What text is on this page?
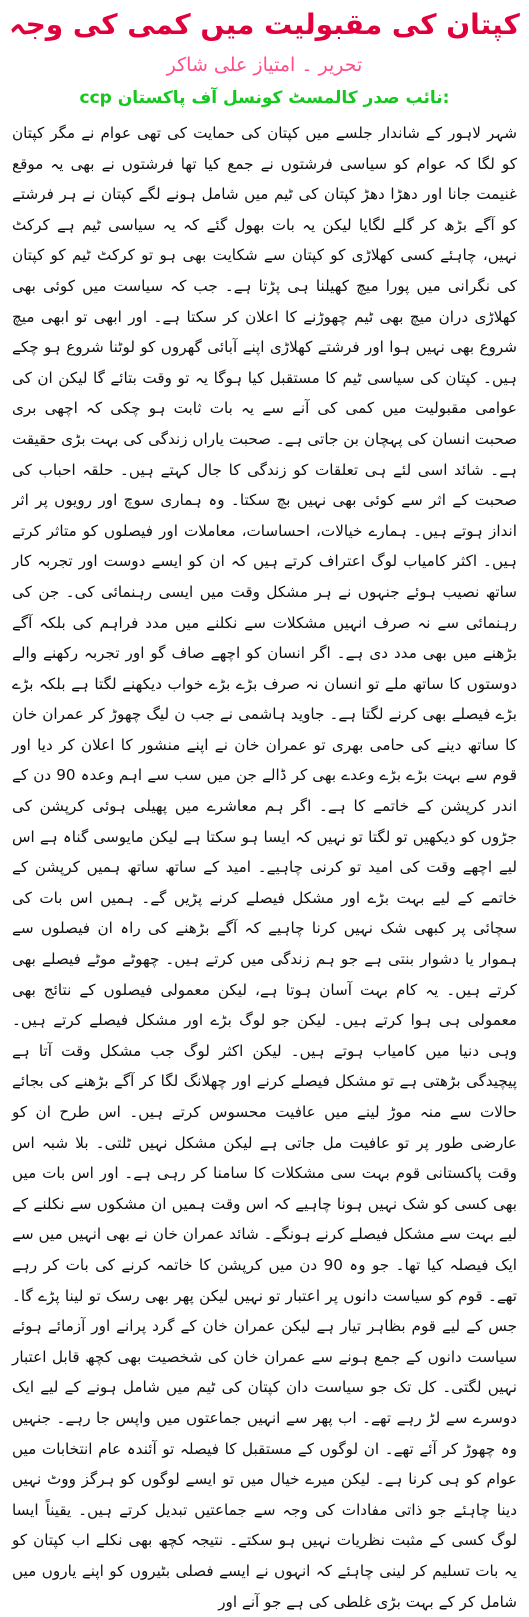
کپتان کی مقبولیت میں کمی کی وجہ
تحریر ۔ امتیاز علی شاکر
:نائب صدر کالمسٹ کونسل آف پاکستان ccp

شہر لاہور کے شاندار جلسے میں کپتان کی حمایت کی تھی عوام نے مگر کپتان کو لگا کہ عوام کو سیاسی فرشتوں نے جمع کیا تھا فرشتوں نے بھی یہ موقع غنیمت جانا اور دھڑا دھڑ کپتان کی ٹیم میں شامل ہونے لگے کپتان نے ہر فرشتے کو آگے بڑھ کر گلے لگایا لیکن یہ بات بھول گئے کہ یہ سیاسی ٹیم ہے کرکٹ نہیں، چاہئے کسی کھلاڑی کو کپتان سے شکایت بھی ہو تو کرکٹ ٹیم کو کپتان کی نگرانی میں پورا میچ کھیلنا ہی پڑتا ہے۔ جب کہ سیاست میں کوئی بھی کھلاڑی دران میچ بھی ٹیم چھوڑنے کا اعلان کر سکتا ہے۔ اور ابھی تو ابھی میچ شروع بھی نہیں ہوا اور فرشتے کھلاڑی اپنے آبائی گھروں کو لوٹنا شروع ہو چکے ہیں۔ کپتان کی سیاسی ٹیم کا مستقبل کیا ہوگا یہ تو وقت بتائے گا لیکن ان کی عوامی مقبولیت میں کمی کی آنے سے یہ بات ثابت ہو چکی کہ اچھی بری صحبت انسان کی پہچان بن جاتی ہے۔ صحبت یاراں زندگی کی بہت بڑی حقیقت ہے۔ شائد اسی لئے ہی تعلقات کو زندگی کا جال کہتے ہیں۔ حلقہ احباب کی صحبت کے اثر سے کوئی بھی نہیں بچ سکتا۔ وہ ہماری سوچ اور رویوں پر اثر انداز ہوتے ہیں۔ ہمارے خیالات، احساسات، معاملات اور فیصلوں کو متاثر کرتے ہیں۔ اکثر کامیاب لوگ اعتراف کرتے ہیں کہ ان کو ایسے دوست اور تجربہ کار ساتھ نصیب ہوئے جنہوں نے ہر مشکل وقت میں ایسی رہنمائی کی۔ جن کی رہنمائی سے نہ صرف انہیں مشکلات سے نکلنے میں مدد فراہم کی بلکہ آگے بڑھنے میں بھی مدد دی ہے۔ اگر انسان کو اچھے صاف گو اور تجربہ رکھنے والے دوستوں کا ساتھ ملے تو انسان نہ صرف بڑے بڑے خواب دیکھنے لگتا ہے بلکہ بڑے بڑے فیصلے بھی کرنے لگتا ہے۔ جاوید ہاشمی نے جب ن لیگ چھوڑ کر عمران خان کا ساتھ دینے کی حامی بھری تو عمران خان نے اپنے منشور کا اعلان کر دیا اور قوم سے بہت بڑے بڑے وعدے بھی کر ڈالے جن میں سب سے اہم وعدہ 90 دن کے اندر کرپشن کے خاتمے کا ہے۔ اگر ہم معاشرے میں پھیلی ہوئی کرپشن کی جڑوں کو دیکھیں تو لگتا تو نہیں کہ ایسا ہو سکتا ہے لیکن مایوسی گناہ ہے اس لیے اچھے وقت کی امید تو کرنی چاہیے۔ امید کے ساتھ ساتھ ہمیں کرپشن کے خاتمے کے لیے بہت بڑے اور مشکل فیصلے کرنے پڑیں گے۔ ہمیں اس بات کی سچائی پر کبھی شک نہیں کرنا چاہیے کہ آگے بڑھنے کی راہ ان فیصلوں سے ہموار یا دشوار بنتی ہے جو ہم زندگی میں کرتے ہیں۔ چھوٹے موٹے فیصلے بھی کرتے ہیں۔ یہ کام بہت آسان ہوتا ہے، لیکن معمولی فیصلوں کے نتائج بھی معمولی ہی ہوا کرتے ہیں۔ لیکن جو لوگ بڑے اور مشکل فیصلے کرتے ہیں۔ وہی دنیا میں کامیاب ہوتے ہیں۔ لیکن اکثر لوگ جب مشکل وقت آتا ہے پیچیدگی بڑھتی ہے تو مشکل فیصلے کرنے اور چھلانگ لگا کر آگے بڑھنے کی بجائے حالات سے منہ موڑ لینے میں عافیت محسوس کرتے ہیں۔ اس طرح ان کو عارضی طور پر تو عافیت مل جاتی ہے لیکن مشکل نہیں ٹلتی۔ بلا شبہ اس وقت پاکستانی قوم بہت سی مشکلات کا سامنا کر رہی ہے۔ اور اس بات میں بھی کسی کو شک نہیں ہونا چاہیے کہ اس وقت ہمیں ان مشکوں سے نکلنے کے لیے بہت سے مشکل فیصلے کرنے ہونگے۔ شائد عمران خان نے بھی انہیں میں سے ایک فیصلہ کیا تھا۔ جو وہ 90 دن میں کرپشن کا خاتمہ کرنے کی بات کر رہے تھے۔ قوم کو سیاست دانوں پر اعتبار تو نہیں لیکن پھر بھی رسک تو لینا پڑے گا۔ جس کے لیے قوم بظاہر تیار ہے لیکن عمران خان کے گرد پرانے اور آزمائے ہوئے سیاست دانوں کے جمع ہونے سے عمران خان کی شخصیت بھی کچھ قابل اعتبار نہیں لگتی۔ کل تک جو سیاست دان کپتان کی ٹیم میں شامل ہونے کے لیے ایک دوسرے سے لڑ رہے تھے۔ اب پھر سے انہیں جماعتوں میں واپس جا رہے۔ جنہیں وہ چھوڑ کر آئے تھے۔ ان لوگوں کے مستقبل کا فیصلہ تو آئندہ عام انتخابات میں عوام کو ہی کرنا ہے۔ لیکن میرے خیال میں تو ایسے لوگوں کو ہرگز ووٹ نہیں دینا چاہئے جو ذاتی مفادات کی وجہ سے جماعتیں تبدیل کرتے ہیں۔ یقیناً ایسا لوگ کسی کے مثبت نظریات نہیں ہو سکتے۔ نتیجہ کچھ بھی نکلے اب کپتان کو یہ بات تسلیم کر لینی چاہئے کہ انہوں نے ایسے فصلی بٹیروں کو اپنے یاروں میں شامل کر کے بہت بڑی غلطی کی ہے جو آنے اور
